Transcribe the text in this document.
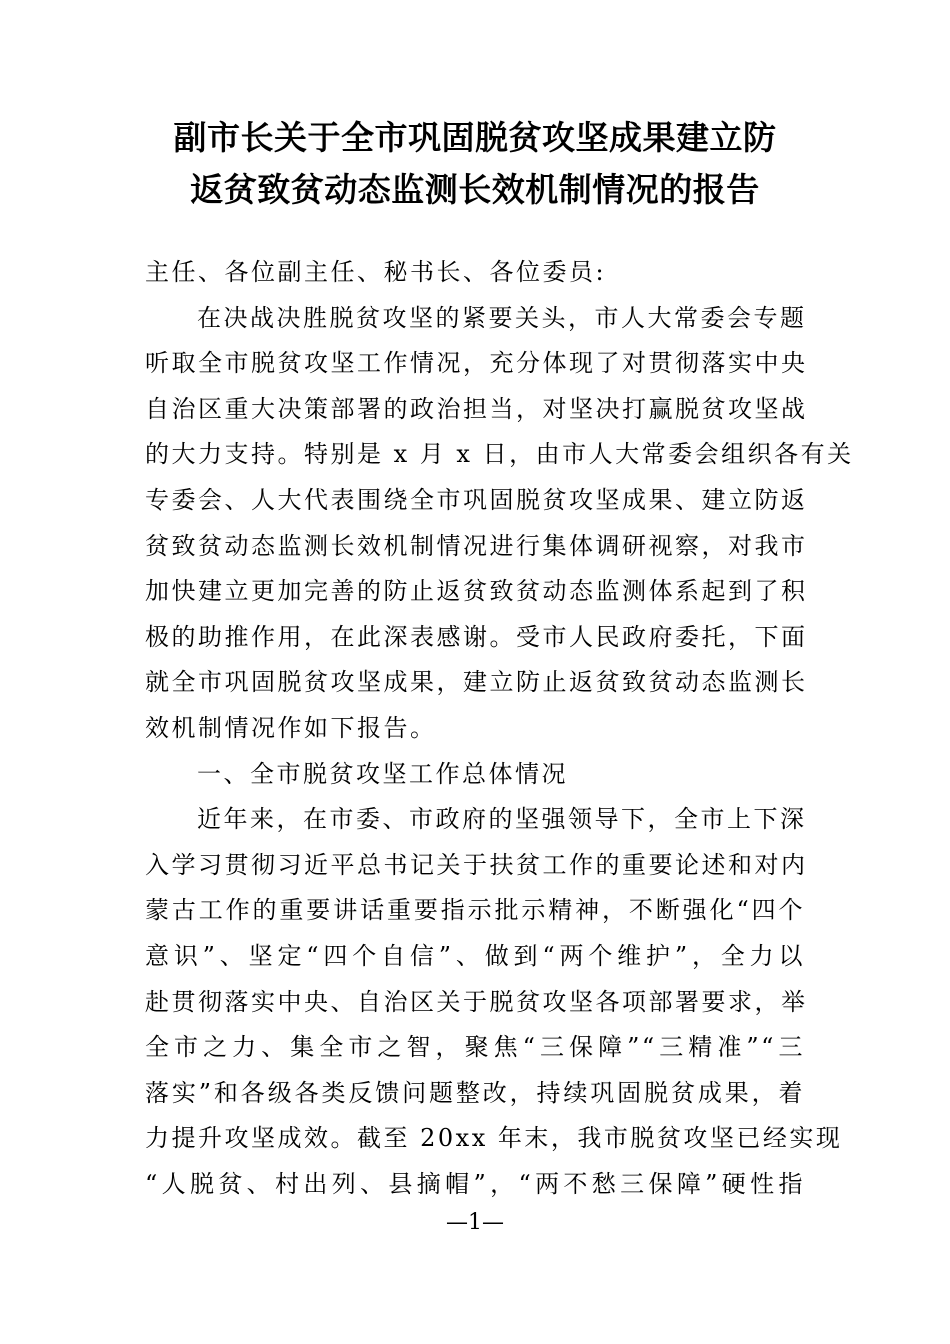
副市长关于全市巩固脱贫攻坚成果建立防
返贫致贫动态监测长效机制情况的报告
主任、各位副主任、秘书长、各位委员:
在决战决胜脱贫攻坚的紧要关头，市人大常委会专题
听取全市脱贫攻坚工作情况，充分体现了对贯彻落实中央
自治区重大决策部署的政治担当，对坚决打赢脱贫攻坚战
的大力支持。特别是 x 月 x 日，由市人大常委会组织各有关
专委会、人大代表围绕全市巩固脱贫攻坚成果、建立防返
贫致贫动态监测长效机制情况进行集体调研视察，对我市
加快建立更加完善的防止返贫致贫动态监测体系起到了积
极的助推作用，在此深表感谢。受市人民政府委托，下面
就全市巩固脱贫攻坚成果，建立防止返贫致贫动态监测长
效机制情况作如下报告。
一、全市脱贫攻坚工作总体情况
近年来，在市委、市政府的坚强领导下，全市上下深
入学习贯彻习近平总书记关于扶贫工作的重要论述和对内
蒙古工作的重要讲话重要指示批示精神，不断强化“四个
意识”、坚定“四个自信”、做到“两个维护”，全力以
赴贯彻落实中央、自治区关于脱贫攻坚各项部署要求，举
全市之力、集全市之智，聚焦“三保障”“三精准”“三
落实”和各级各类反馈问题整改，持续巩固脱贫成果，着
力提升攻坚成效。截至 20xx 年末，我市脱贫攻坚已经实现
“人脱贫、村出列、县摘帽”，“两不愁三保障”硬性指
—1—
